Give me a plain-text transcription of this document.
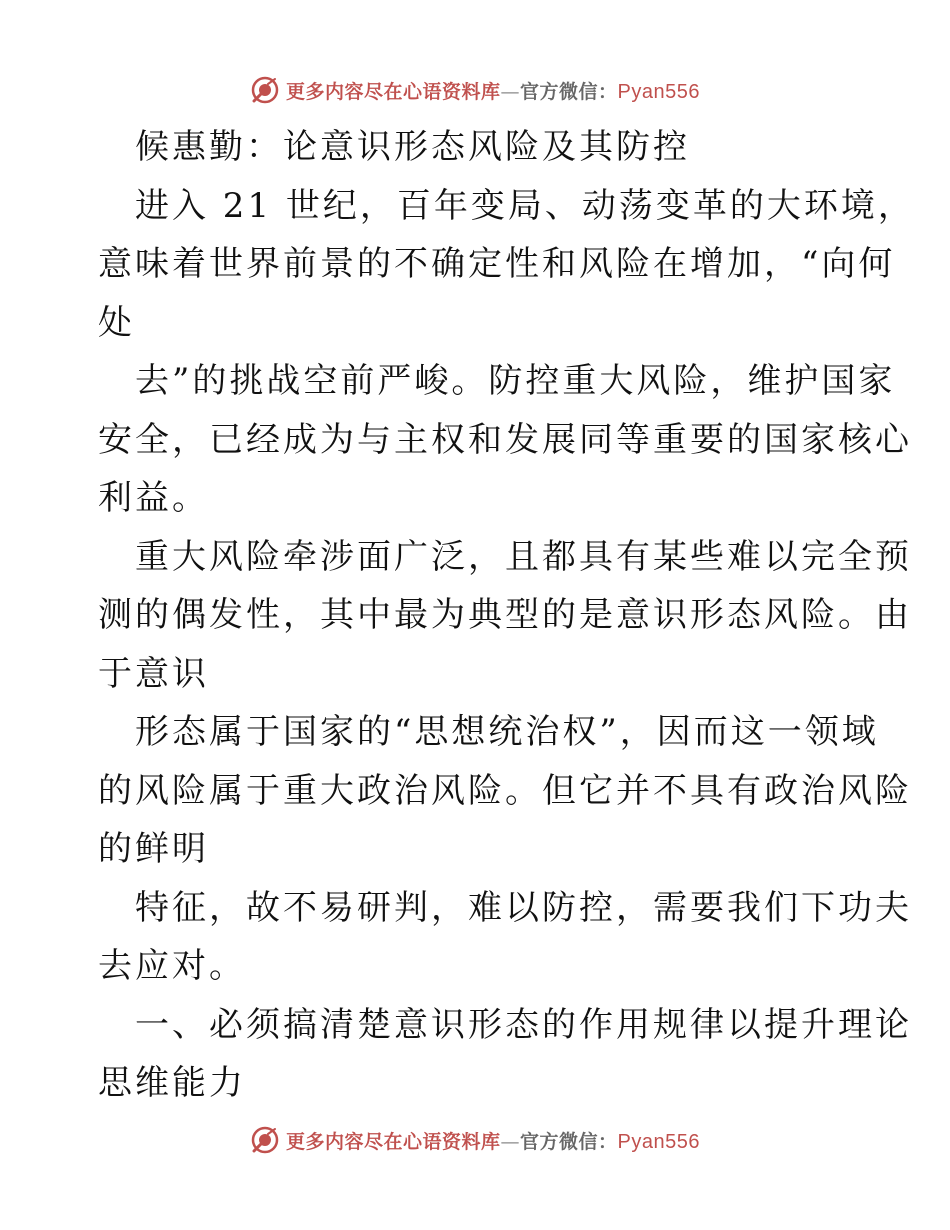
更多内容尽在心语资料库—官方微信：Pyan556
候惠勤：论意识形态风险及其防控
进入 21 世纪，百年变局、动荡变革的大环境，
意味着世界前景的不确定性和风险在增加，“向何
处
去”的挑战空前严峻。防控重大风险，维护国家
安全，已经成为与主权和发展同等重要的国家核心
利益。
重大风险牵涉面广泛，且都具有某些难以完全预
测的偶发性，其中最为典型的是意识形态风险。由
于意识
形态属于国家的“思想统治权”，因而这一领域
的风险属于重大政治风险。但它并不具有政治风险
的鲜明
特征，故不易研判，难以防控，需要我们下功夫
去应对。
一、必须搞清楚意识形态的作用规律以提升理论
思维能力
更多内容尽在心语资料库—官方微信：Pyan556
